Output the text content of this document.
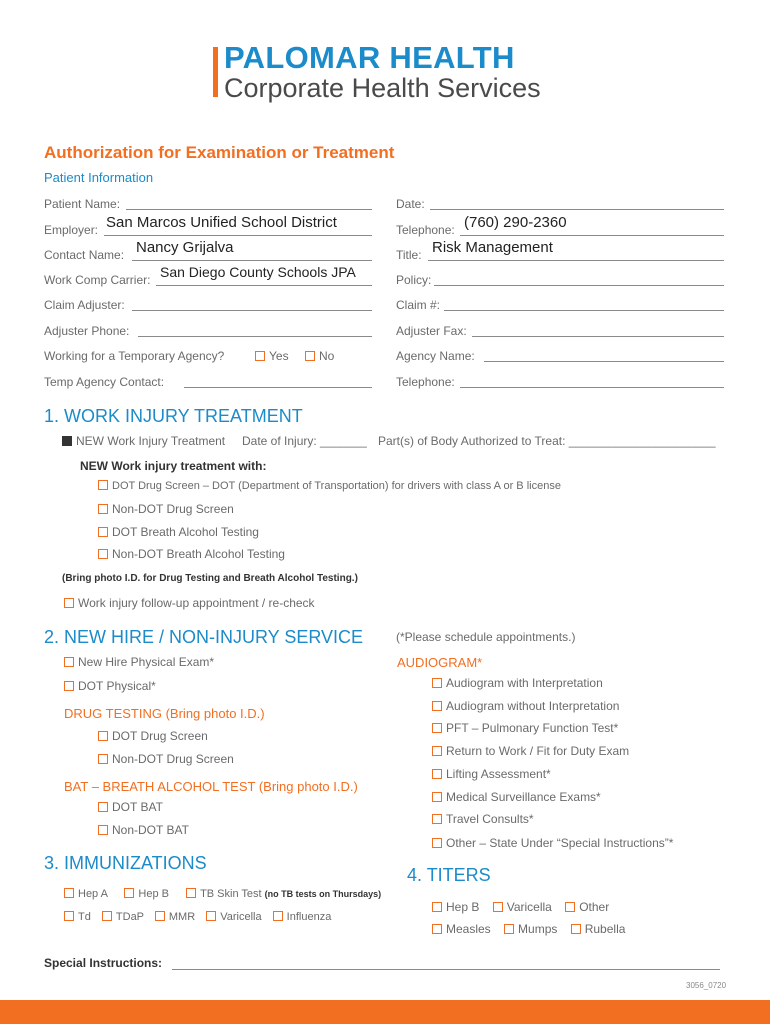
PALOMAR HEALTH
Corporate Health Services
Authorization for Examination or Treatment
Patient Information
Patient Name:	Date:
Employer: San Marcos Unified School District	Telephone: (760) 290-2360
Contact Name: Nancy Grijalva	Title: Risk Management
Work Comp Carrier: San Diego County Schools JPA	Policy:
Claim Adjuster:	Claim #:
Adjuster Phone:	Adjuster Fax:
Working for a Temporary Agency?	Yes	No	Agency Name:
Temp Agency Contact:	Telephone:
1. WORK INJURY TREATMENT
NEW Work Injury Treatment Date of Injury: _______ Part(s) of Body Authorized to Treat: ______________________
NEW Work injury treatment with:
DOT Drug Screen – DOT (Department of Transportation) for drivers with class A or B license
Non-DOT Drug Screen
DOT Breath Alcohol Testing
Non-DOT Breath Alcohol Testing
(Bring photo I.D. for Drug Testing and Breath Alcohol Testing.)
Work injury follow-up appointment / re-check
2. NEW HIRE / NON-INJURY SERVICE	(*Please schedule appointments.)
New Hire Physical Exam*
DOT Physical*
DRUG TESTING (Bring photo I.D.)
DOT Drug Screen
Non-DOT Drug Screen
BAT – BREATH ALCOHOL TEST (Bring photo I.D.)
DOT BAT
Non-DOT BAT
AUDIOGRAM*
Audiogram with Interpretation
Audiogram without Interpretation
PFT – Pulmonary Function Test*
Return to Work / Fit for Duty Exam
Lifting Assessment*
Medical Surveillance Exams*
Travel Consults*
Other – State Under “Special Instructions”*
3. IMMUNIZATIONS
Hep A	Hep B	TB Skin Test (no TB tests on Thursdays)
Td TDaP MMR Varicella Influenza
4. TITERS
Hep B Varicella Other
Measles Mumps Rubella
Special Instructions:
3056_0720
